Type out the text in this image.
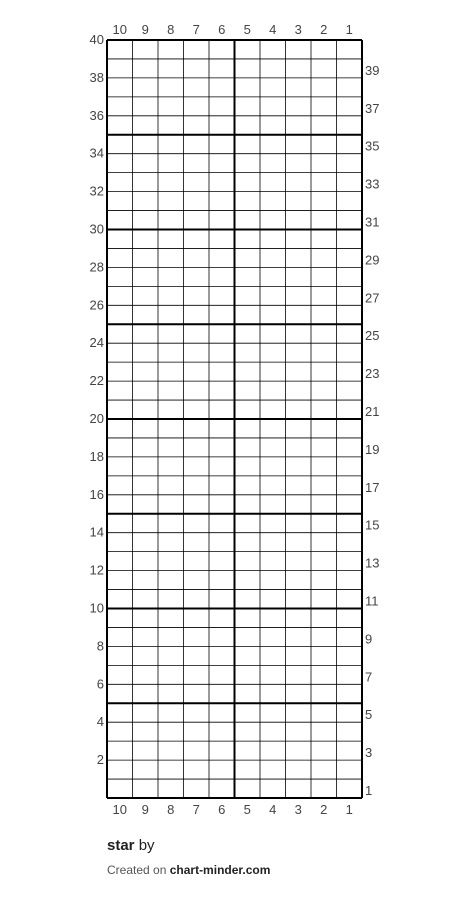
10 9 8 7 6 5 4 3 2 1
10 9 8 7 6 5 4 3 2 1
40
38
36
34
32
30
28
26
24
22
20
18
16
14
12
10
8
6
4
2
39
37
35
33
31
29
27
25
23
21
19
17
15
13
11
9
7
5
3
1
star by
Created on chart-minder.com
